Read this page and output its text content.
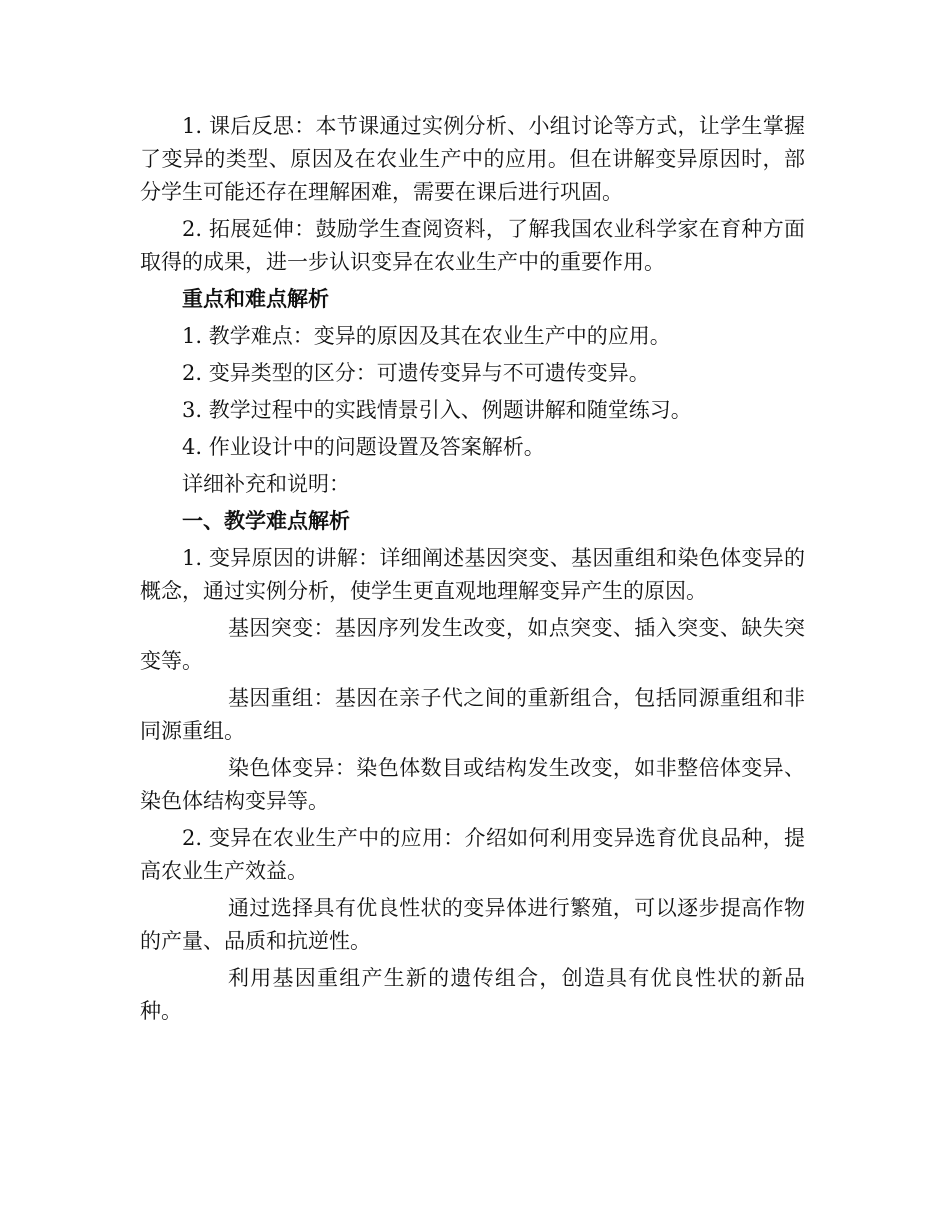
1. 课后反思：本节课通过实例分析、小组讨论等方式，让学生掌握了变异的类型、原因及在农业生产中的应用。但在讲解变异原因时，部分学生可能还存在理解困难，需要在课后进行巩固。

2. 拓展延伸：鼓励学生查阅资料，了解我国农业科学家在育种方面取得的成果，进一步认识变异在农业生产中的重要作用。

重点和难点解析

1. 教学难点：变异的原因及其在农业生产中的应用。

2. 变异类型的区分：可遗传变异与不可遗传变异。

3. 教学过程中的实践情景引入、例题讲解和随堂练习。

4. 作业设计中的问题设置及答案解析。

详细补充和说明：

一、教学难点解析

1. 变异原因的讲解：详细阐述基因突变、基因重组和染色体变异的概念，通过实例分析，使学生更直观地理解变异产生的原因。

基因突变：基因序列发生改变，如点突变、插入突变、缺失突变等。

基因重组：基因在亲子代之间的重新组合，包括同源重组和非同源重组。

染色体变异：染色体数目或结构发生改变，如非整倍体变异、染色体结构变异等。

2. 变异在农业生产中的应用：介绍如何利用变异选育优良品种，提高农业生产效益。

通过选择具有优良性状的变异体进行繁殖，可以逐步提高作物的产量、品质和抗逆性。

利用基因重组产生新的遗传组合，创造具有优良性状的新品种。
